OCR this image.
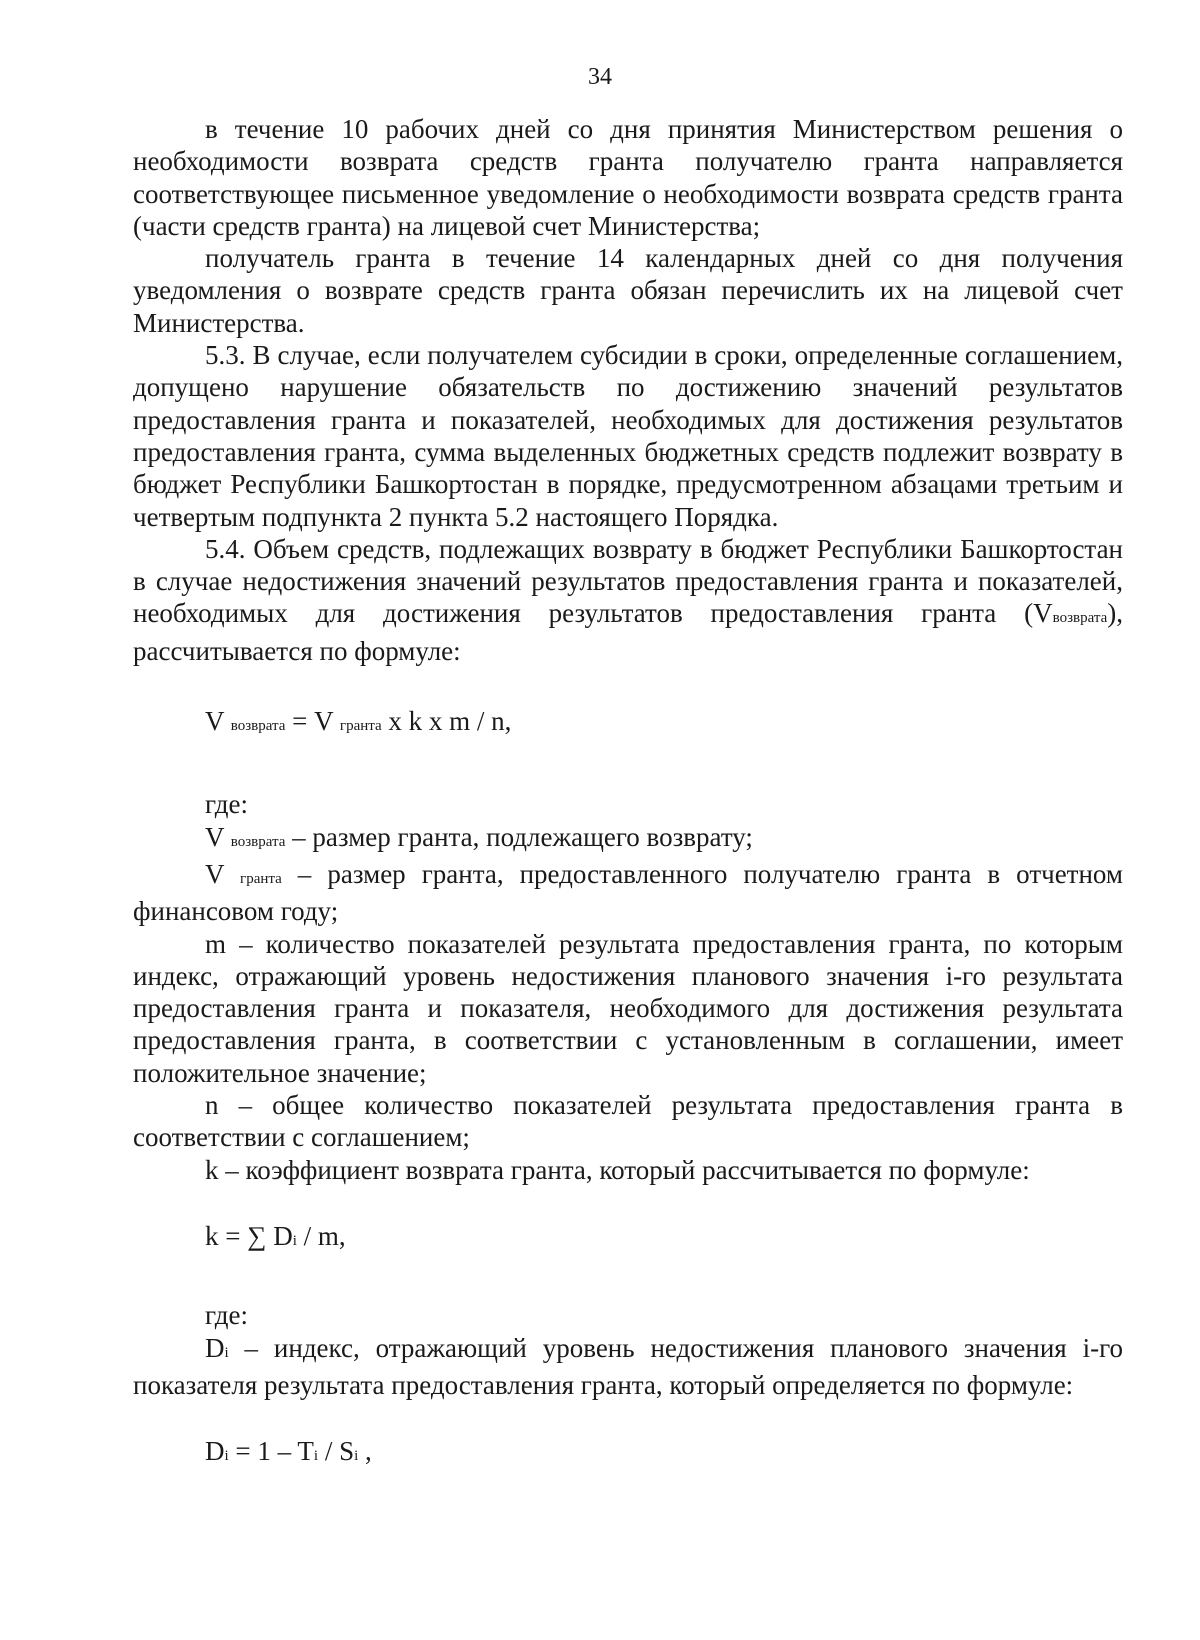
34

в течение 10 рабочих дней со дня принятия Министерством решения о необходимости возврата средств гранта получателю гранта направляется соответствующее письменное уведомление о необходимости возврата средств гранта (части средств гранта) на лицевой счет Министерства;

получатель гранта в течение 14 календарных дней со дня получения уведомления о возврате средств гранта обязан перечислить их на лицевой счет Министерства.

5.3. В случае, если получателем субсидии в сроки, определенные соглашением, допущено нарушение обязательств по достижению значений результатов предоставления гранта и показателей, необходимых для достижения результатов предоставления гранта, сумма выделенных бюджетных средств подлежит возврату в бюджет Республики Башкортостан в порядке, предусмотренном абзацами третьим и четвертым подпункта 2 пункта 5.2 настоящего Порядка.

5.4. Объем средств, подлежащих возврату в бюджет Республики Башкортостан в случае недостижения значений результатов предоставления гранта и показателей, необходимых для достижения результатов предоставления гранта (Vвозврата), рассчитывается по формуле:

V возврата = V гранта x k x m / n,

где:

V возврата – размер гранта, подлежащего возврату;

V гранта – размер гранта, предоставленного получателю гранта в отчетном финансовом году;

m – количество показателей результата предоставления гранта, по которым индекс, отражающий уровень недостижения планового значения i-го результата предоставления гранта и показателя, необходимого для достижения результата предоставления гранта, в соответствии с установленным в соглашении, имеет положительное значение;

n – общее количество показателей результата предоставления гранта в соответствии с соглашением;

k – коэффициент возврата гранта, который рассчитывается по формуле:

k = ∑ Di / m,

где:

Di – индекс, отражающий уровень недостижения планового значения i-го показателя результата предоставления гранта, который определяется по формуле:

Di = 1 – Ti / Si ,
